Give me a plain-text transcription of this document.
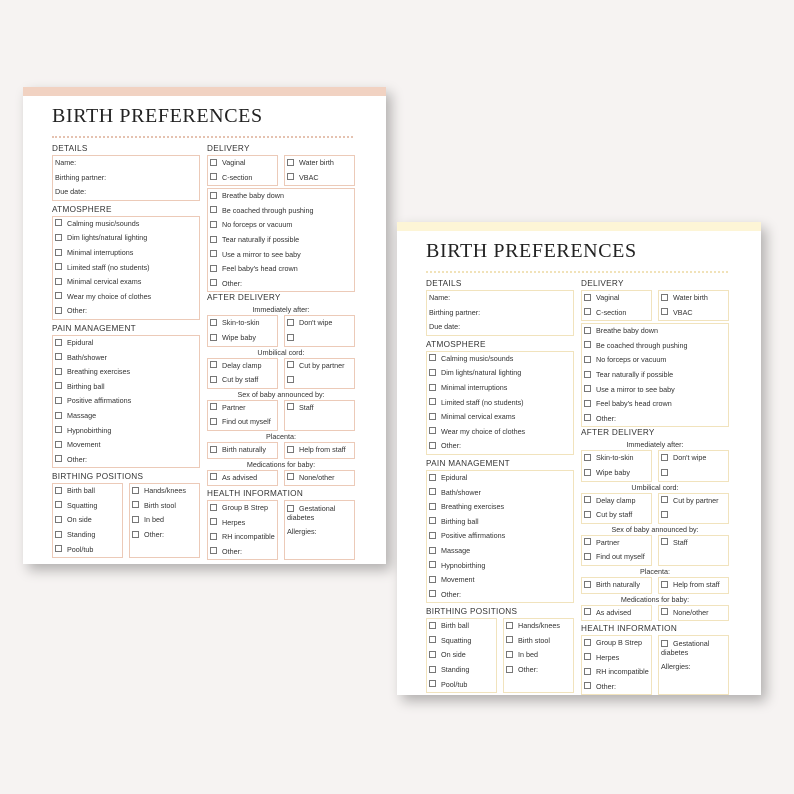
BIRTH PREFERENCES
DETAILS
Name:
Birthing partner:
Due date:
ATMOSPHERE
Calming music/sounds
Dim lights/natural lighting
Minimal interruptions
Limited staff (no students)
Minimal cervical exams
Wear my choice of clothes
Other:
PAIN MANAGEMENT
Epidural
Bath/shower
Breathing exercises
Birthing ball
Positive affirmations
Massage
Hypnobirthing
Movement
Other:
BIRTHING POSITIONS
Birth ball
Squatting
On side
Standing
Pool/tub
Hands/knees
Birth stool
In bed
Other:
DELIVERY
Vaginal
C-section
Water birth
VBAC
Breathe baby down
Be coached through pushing
No forceps or vacuum
Tear naturally if possible
Use a mirror to see baby
Feel baby's head crown
Other:
AFTER DELIVERY
Immediately after:
Skin-to-skin
Wipe baby
Don't wipe
Umbilical cord:
Delay clamp
Cut by staff
Cut by partner
Sex of baby announced by:
Partner
Find out myself
Staff
Placenta:
Birth naturally	Help from staff
Medications for baby:
As advised	None/other
HEALTH INFORMATION
Group B Strep
Herpes
RH incompatible
Other:
Gestational diabetes
Allergies:
BIRTH PREFERENCES
DETAILS
Name:
Birthing partner:
Due date:
ATMOSPHERE
Calming music/sounds
Dim lights/natural lighting
Minimal interruptions
Limited staff (no students)
Minimal cervical exams
Wear my choice of clothes
Other:
PAIN MANAGEMENT
Epidural
Bath/shower
Breathing exercises
Birthing ball
Positive affirmations
Massage
Hypnobirthing
Movement
Other:
BIRTHING POSITIONS
Birth ball
Squatting
On side
Standing
Pool/tub
Hands/knees
Birth stool
In bed
Other:
DELIVERY
Vaginal
C-section
Water birth
VBAC
Breathe baby down
Be coached through pushing
No forceps or vacuum
Tear naturally if possible
Use a mirror to see baby
Feel baby's head crown
Other:
AFTER DELIVERY
Immediately after:
Skin-to-skin
Wipe baby
Don't wipe
Umbilical cord:
Delay clamp
Cut by staff
Cut by partner
Sex of baby announced by:
Partner
Find out myself
Staff
Placenta:
Birth naturally	Help from staff
Medications for baby:
As advised	None/other
HEALTH INFORMATION
Group B Strep
Herpes
RH incompatible
Other:
Gestational diabetes
Allergies:
